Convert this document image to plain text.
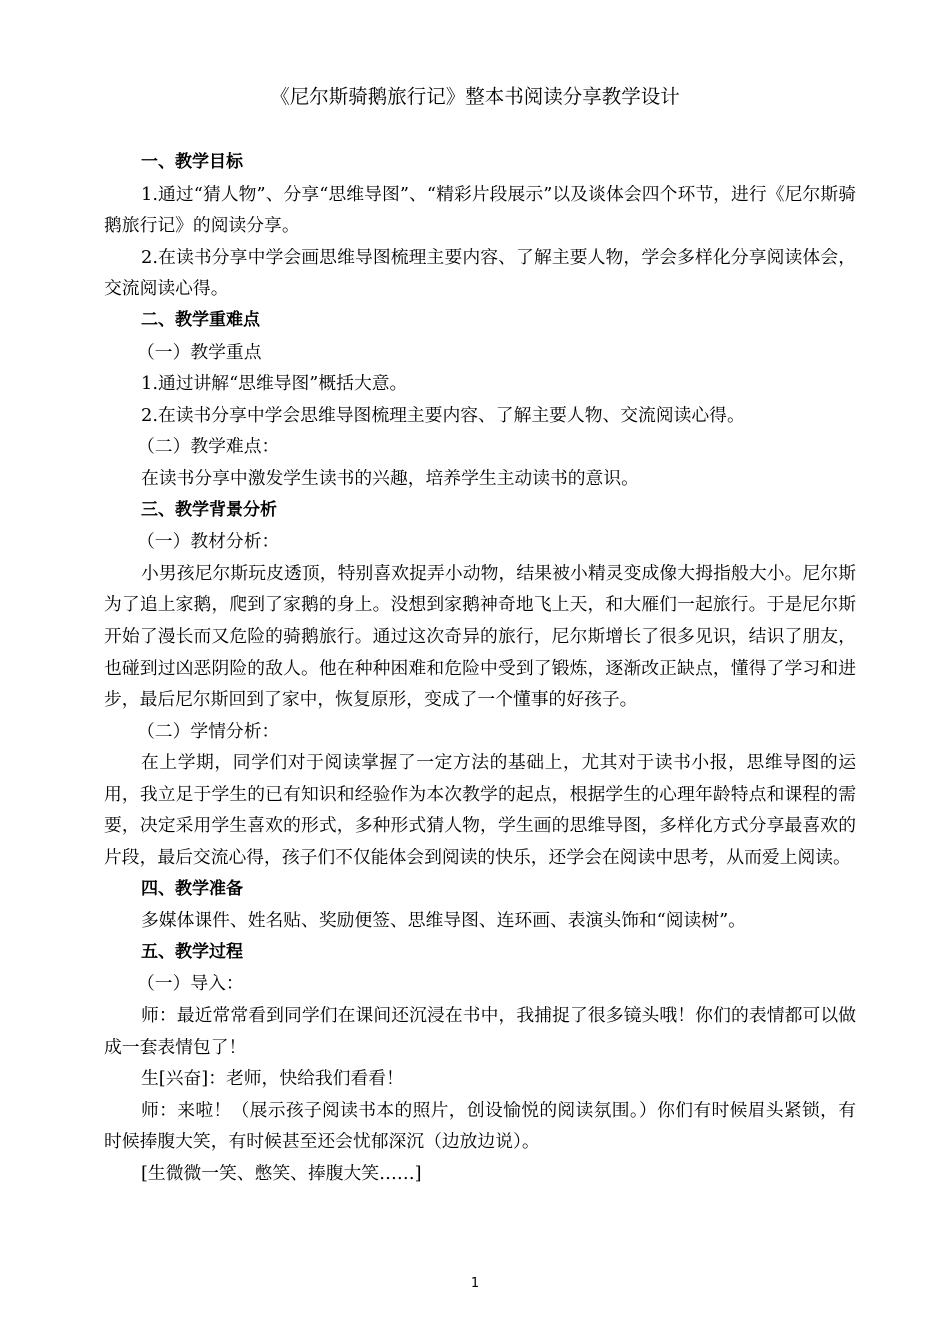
《尼尔斯骑鹅旅行记》整本书阅读分享教学设计
一、教学目标
1.通过“猜人物”、分享“思维导图”、“精彩片段展示”以及谈体会四个环节，进行《尼尔斯骑鹅旅行记》的阅读分享。
2.在读书分享中学会画思维导图梳理主要内容、了解主要人物，学会多样化分享阅读体会，交流阅读心得。
二、教学重难点
（一）教学重点
1.通过讲解“思维导图”概括大意。
2.在读书分享中学会思维导图梳理主要内容、了解主要人物、交流阅读心得。
（二）教学难点：
在读书分享中激发学生读书的兴趣，培养学生主动读书的意识。
三、教学背景分析
（一）教材分析：
小男孩尼尔斯玩皮透顶，特别喜欢捉弄小动物，结果被小精灵变成像大拇指般大小。尼尔斯为了追上家鹅，爬到了家鹅的身上。没想到家鹅神奇地飞上天，和大雁们一起旅行。于是尼尔斯开始了漫长而又危险的骑鹅旅行。通过这次奇异的旅行，尼尔斯增长了很多见识，结识了朋友，也碰到过凶恶阴险的敌人。他在种种困难和危险中受到了锻炼，逐渐改正缺点，懂得了学习和进步，最后尼尔斯回到了家中，恢复原形，变成了一个懂事的好孩子。
（二）学情分析：
在上学期，同学们对于阅读掌握了一定方法的基础上，尤其对于读书小报，思维导图的运用，我立足于学生的已有知识和经验作为本次教学的起点，根据学生的心理年龄特点和课程的需要，决定采用学生喜欢的形式，多种形式猜人物，学生画的思维导图，多样化方式分享最喜欢的片段，最后交流心得，孩子们不仅能体会到阅读的快乐，还学会在阅读中思考，从而爱上阅读。
四、教学准备
多媒体课件、姓名贴、奖励便签、思维导图、连环画、表演头饰和“阅读树”。
五、教学过程
（一）导入：
师：最近常常看到同学们在课间还沉浸在书中，我捕捉了很多镜头哦！你们的表情都可以做成一套表情包了！
生[兴奋]：老师，快给我们看看！
师：来啦！（展示孩子阅读书本的照片，创设愉悦的阅读氛围。）你们有时候眉头紧锁，有时候捧腹大笑，有时候甚至还会忧郁深沉（边放边说）。
[生微微一笑、憋笑、捧腹大笑……]
1
